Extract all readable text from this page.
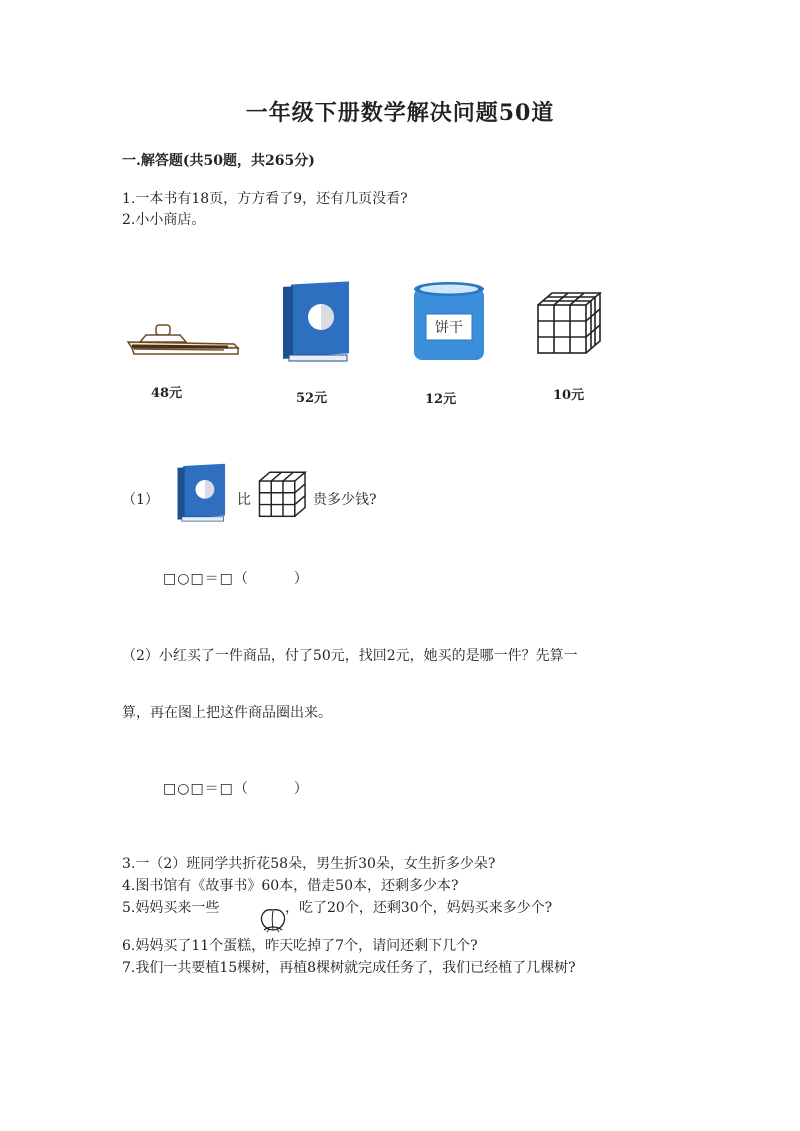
一年级下册数学解决问题50道
一.解答题(共50题，共265分)
1.一本书有18页，方方看了9，还有几页没看?
2.小小商店。
48元	52元
饼干
12元	10元
（1）	比	贵多少钱?
□○□＝□（　　　）
（2）小红买了一件商品，付了50元，找回2元，她买的是哪一件？先算一
算，再在图上把这件商品圈出来。
□○□＝□（　　　）
3.一（2）班同学共折花58朵，男生折30朵，女生折多少朵?
4.图书馆有《故事书》60本，借走50本，还剩多少本?
5.妈妈买来一些	，吃了20个，还剩30个，妈妈买来多少个?
6.妈妈买了11个蛋糕，昨天吃掉了7个，请问还剩下几个?
7.我们一共要植15棵树，再植8棵树就完成任务了，我们已经植了几棵树?
